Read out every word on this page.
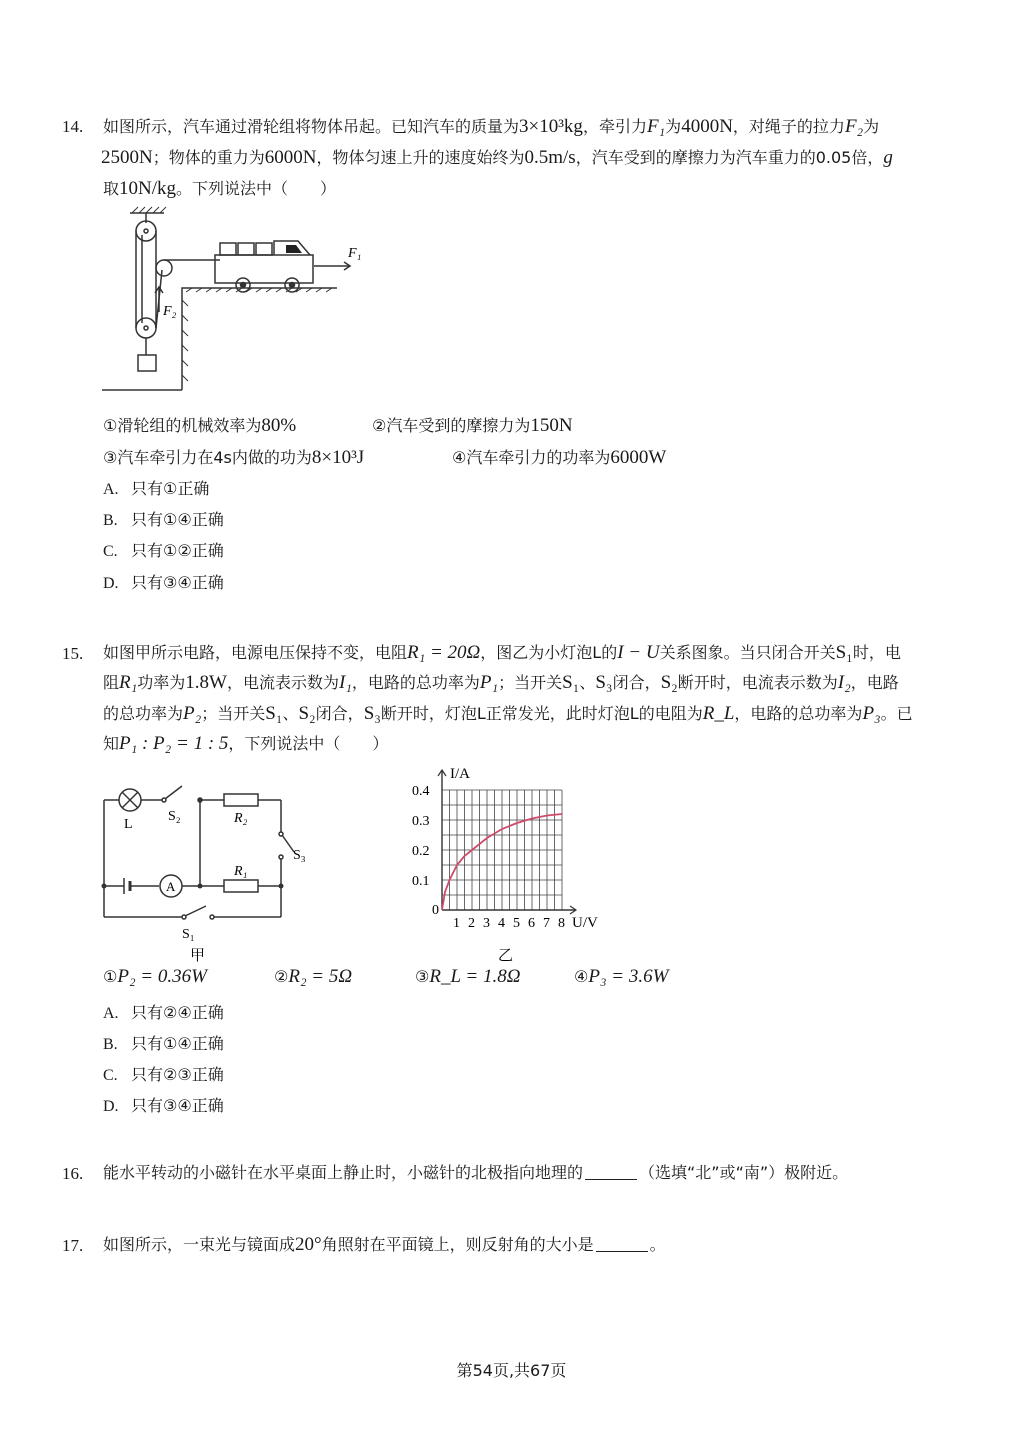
14. 如图所示，汽车通过滑轮组将物体吊起。已知汽车的质量为3×10³kg，牵引力F₁为4000N，对绳子的拉力F₂为
2500N；物体的重力为6000N，物体匀速上升的速度始终为0.5m/s，汽车受到的摩擦力为汽车重力的0.05倍，g
取10N/kg。下列说法中（　　）
F₁
F₂
①滑轮组的机械效率为80%	②汽车受到的摩擦力为150N
③汽车牵引力在4s内做的功为8×10³J	④汽车牵引力的功率为6000W
A. 只有①正确
B. 只有①④正确
C. 只有①②正确
D. 只有③④正确
15. 如图甲所示电路，电源电压保持不变，电阻R₁ = 20Ω，图乙为小灯泡L的I − U关系图象。当只闭合开关S₁时，电
阻R₁功率为1.8W，电流表示数为I₁，电路的总功率为P₁；当开关S₁、S₃闭合，S₂断开时，电流表示数为I₂，电路
的总功率为P₂；当开关S₁、S₂闭合，S₃断开时，灯泡L正常发光，此时灯泡L的电阻为R_L，电路的总功率为P₃。已
知P₁ : P₂ = 1 : 5，下列说法中（　　）
L
S₂	R₂
S₃
R₁
A
S₁
甲
0
1 2 3 4 5 6 7 8
0.1
0.2
0.3
0.4
U/V
I/A
乙
①P₂ = 0.36W	②R₂ = 5Ω	③R_L = 1.8Ω	④P₃ = 3.6W
A. 只有②④正确
B. 只有①④正确
C. 只有②③正确
D. 只有③④正确
16. 能水平转动的小磁针在水平桌面上静止时，小磁针的北极指向地理的	（选填“北”或“南”）极附近。
17. 如图所示，一束光与镜面成20°角照射在平面镜上，则反射角的大小是	。
第54页,共67页
